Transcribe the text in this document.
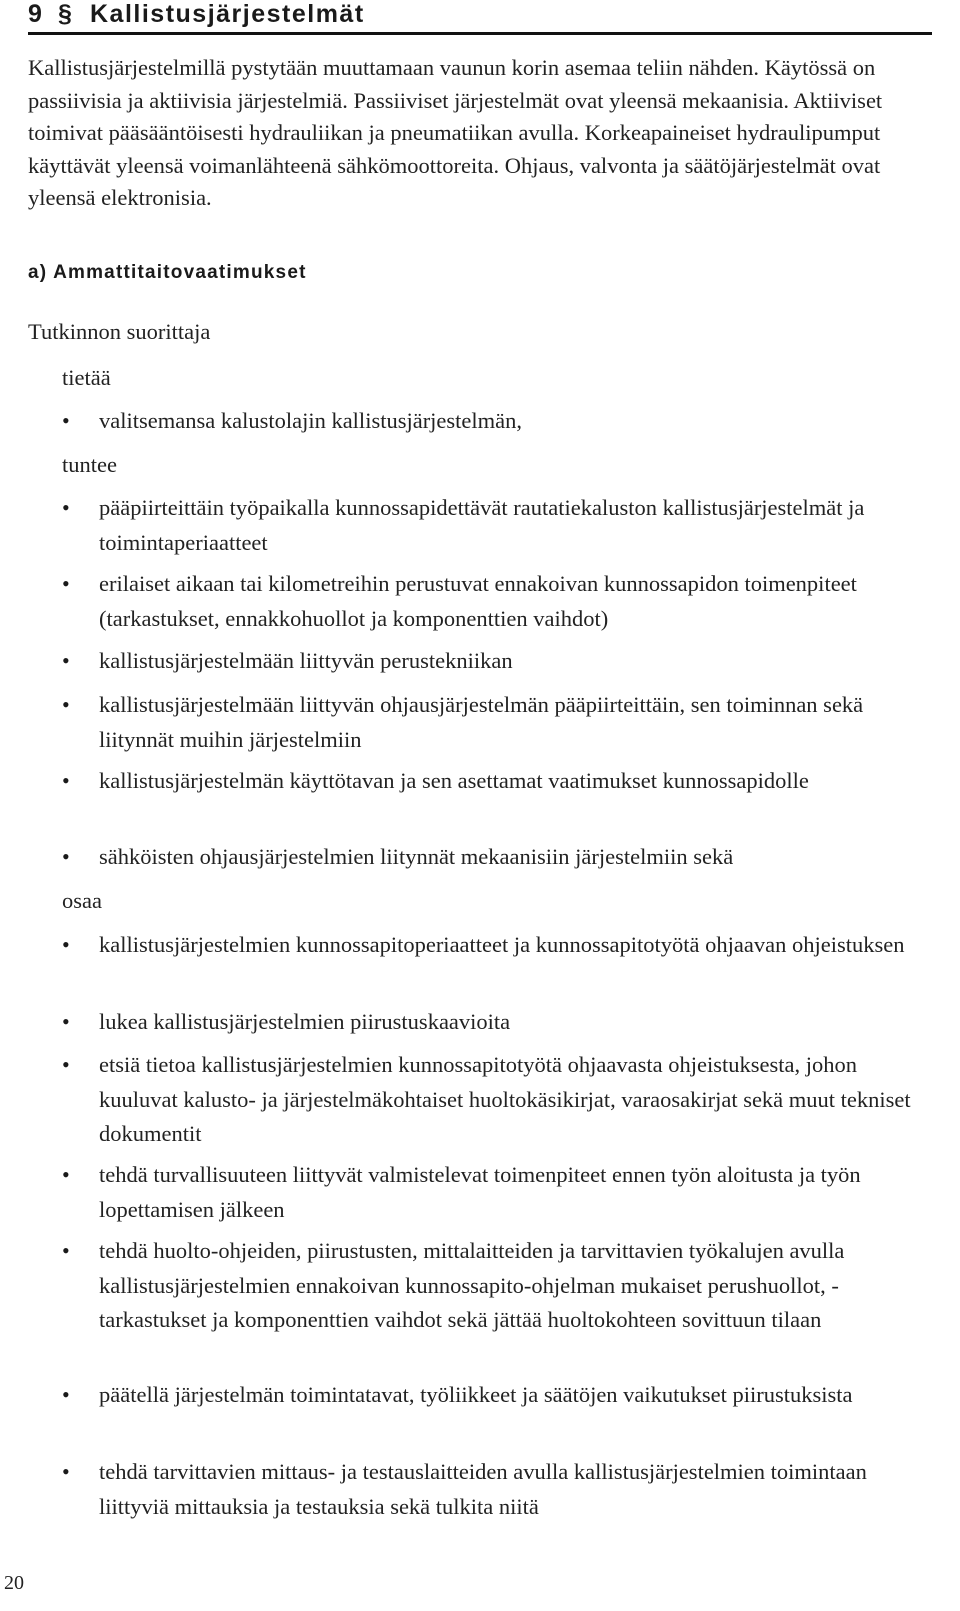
9 § Kallistusjärjestelmät

Kallistusjärjestelmillä pystytään muuttamaan vaunun korin asemaa teliin nähden. Käytössä on passiivisia ja aktiivisia järjestelmiä. Passiiviset järjestelmät ovat yleensä mekaanisia. Aktiiviset toimivat pääsääntöisesti hydrauliikan ja pneumatiikan avulla. Korkeapaineiset hydraulipumput käyttävät yleensä voimanlähteenä sähkömoottoreita. Ohjaus, valvonta ja säätöjärjestelmät ovat yleensä elektronisia.

a) Ammattitaitovaatimukset
Tutkinnon suorittaja
tietää
• valitsemansa kalustolajin kallistusjärjestelmän,
tuntee
• pääpiirteittäin työpaikalla kunnossapidettävät rautatiekaluston kallistusjärjestelmät ja toimintaperiaatteet
• erilaiset aikaan tai kilometreihin perustuvat ennakoivan kunnossapidon toimenpiteet (tarkastukset, ennakkohuollot ja komponenttien vaihdot)
• kallistusjärjestelmään liittyvän perustekniikan
• kallistusjärjestelmään liittyvän ohjausjärjestelmän pääpiirteittäin, sen toiminnan sekä liitynnät muihin järjestelmiin
• kallistusjärjestelmän käyttötavan ja sen asettamat vaatimukset kunnossapidolle
• sähköisten ohjausjärjestelmien liitynnät mekaanisiin järjestelmiin sekä
osaa
• kallistusjärjestelmien kunnossapitoperiaatteet ja kunnossapitotyötä ohjaavan ohjeistuksen
• lukea kallistusjärjestelmien piirustuskaavioita
• etsiä tietoa kallistusjärjestelmien kunnossapitotyötä ohjaavasta ohjeistuksesta, johon kuuluvat kalusto- ja järjestelmäkohtaiset huoltokäsikirjat, varaosakirjat sekä muut tekniset dokumentit
• tehdä turvallisuuteen liittyvät valmistelevat toimenpiteet ennen työn aloitusta ja työn lopettamisen jälkeen
• tehdä huolto-ohjeiden, piirustusten, mittalaitteiden ja tarvittavien työkalujen avulla kallistusjärjestelmien ennakoivan kunnossapito-ohjelman mukaiset perushuollot, -tarkastukset ja komponenttien vaihdot sekä jättää huoltokohteen sovittuun tilaan
• päätellä järjestelmän toimintatavat, työliikkeet ja säätöjen vaikutukset piirustuksista
• tehdä tarvittavien mittaus- ja testauslaitteiden avulla kallistusjärjestelmien toimintaan liittyviä mittauksia ja testauksia sekä tulkita niitä
20
